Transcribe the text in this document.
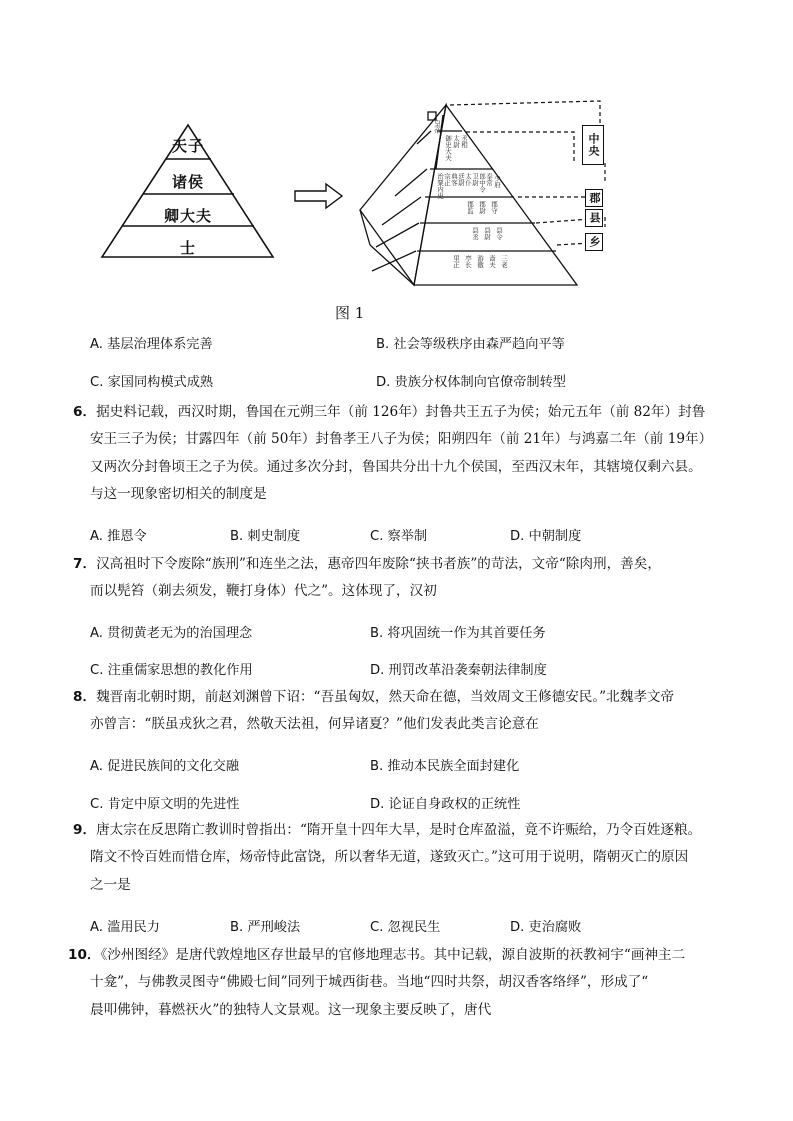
天子
诸侯
卿大夫
士
中央
郡
县
乡
皇
帝
丞相
太尉
御史大夫
奉常
郎中令
卫尉
太仆
廷尉
典客
宗正
治粟内史	少府
郡守
郡尉
郡监
县令
县尉
县丞
三老
啬夫
游徼
亭长
里正
图 1
A. 基层治理体系完善	B. 社会等级秩序由森严趋向平等
C. 家国同构模式成熟	D. 贵族分权体制向官僚帝制转型
6．据史料记载，西汉时期，鲁国在元朔三年（前 126年）封鲁共王五子为侯；始元五年（前 82年）封鲁
安王三子为侯；甘露四年（前 50年）封鲁孝王八子为侯；阳朔四年（前 21年）与鸿嘉二年（前 19年）
又两次分封鲁顷王之子为侯。通过多次分封，鲁国共分出十九个侯国，至西汉末年，其辖境仅剩六县。
与这一现象密切相关的制度是
A. 推恩令	B. 刺史制度	C. 察举制	D. 中朝制度
7．汉高祖时下令废除“族刑”和连坐之法，惠帝四年废除“挟书者族”的苛法，文帝“除肉刑，善矣，
而以髡笞（剃去须发，鞭打身体）代之”。这体现了，汉初
A. 贯彻黄老无为的治国理念	B. 将巩固统一作为其首要任务
C. 注重儒家思想的教化作用	D. 刑罚改革沿袭秦朝法律制度
8．魏晋南北朝时期，前赵刘渊曾下诏：“吾虽匈奴，然天命在德，当效周文王修德安民。”北魏孝文帝
亦曾言：“朕虽戎狄之君，然敬天法祖，何异诸夏？”他们发表此类言论意在
A. 促进民族间的文化交融	B. 推动本民族全面封建化
C. 肯定中原文明的先进性	D. 论证自身政权的正统性
9．唐太宗在反思隋亡教训时曾指出：“隋开皇十四年大旱，是时仓库盈溢，竟不许赈给，乃令百姓逐粮。
隋文不怜百姓而惜仓库，炀帝恃此富饶，所以奢华无道，遂致灭亡。”这可用于说明，隋朝灭亡的原因
之一是
A. 滥用民力	B. 严刑峻法	C. 忽视民生	D. 吏治腐败
10．《沙州图经》是唐代敦煌地区存世最早的官修地理志书。其中记载，源自波斯的祆教祠宇“画神主二
十龛”，与佛教灵图寺“佛殿七间”同列于城西街巷。当地“四时共祭，胡汉香客络绎”，形成了“
晨叩佛钟，暮燃祆火”的独特人文景观。这一现象主要反映了，唐代
